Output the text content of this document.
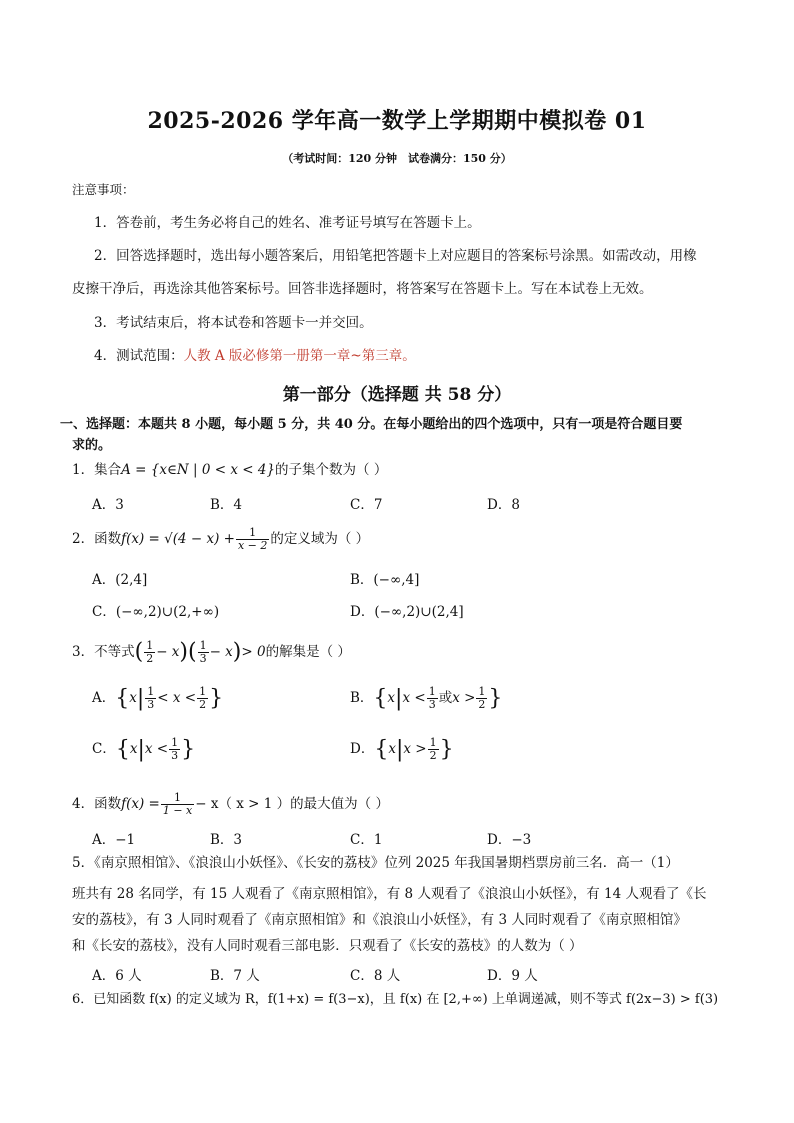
2025-2026 学年高一数学上学期期中模拟卷 01
（考试时间：120 分钟　试卷满分：150 分）
注意事项：
1．答卷前，考生务必将自己的姓名、准考证号填写在答题卡上。
2．回答选择题时，选出每小题答案后，用铅笔把答题卡上对应题目的答案标号涂黑。如需改动，用橡
皮擦干净后，再选涂其他答案标号。回答非选择题时，将答案写在答题卡上。写在本试卷上无效。
3．考试结束后，将本试卷和答题卡一并交回。
4．测试范围：人教 A 版必修第一册第一章~第三章。
第一部分（选择题 共 58 分）
一、选择题：本题共 8 小题，每小题 5 分，共 40 分。在每小题给出的四个选项中，只有一项是符合题目要
求的。
1．集合A = {x∈N | 0 < x < 4}的子集个数为（ ）
A．3	B．4	C．7	D．8
2．函数$f(x) = √(4 - x) + \frac{1}{x - 2}$ 的定义域为（ ）
A．(2,4]	B．(−∞,4]
C．(−∞,2)∪(2,+∞)	D．(−∞,2)∪(2,4]
3．不等式( $\frac{1}{2} - x)( \frac{1}{3} - x)> 0$的解集是（ ）
A．{$x| \frac{1}{3} < x < \frac{1}{2}$ }	B．{$x|x < \frac{1}{3}$ 或$x > \frac{1}{2}$ }
C．{$x|x < \frac{1}{3}$ }	D．{$x|x > \frac{1}{2}$ }
4．函数$f(x) = \frac{1}{1 - x} - x$（ x > 1 ）的最大值为（ ）
A．−1	B．3	C．1	D．−3
5．《南京照相馆》、《浪浪山小妖怪》、《长安的荔枝》位列 2025 年我国暑期档票房前三名．高一（1）
班共有 28 名同学，有 15 人观看了《南京照相馆》，有 8 人观看了《浪浪山小妖怪》，有 14 人观看了《长
安的荔枝》，有 3 人同时观看了《南京照相馆》和《浪浪山小妖怪》，有 3 人同时观看了《南京照相馆》
和《长安的荔枝》，没有人同时观看三部电影．只观看了《长安的荔枝》的人数为（ ）
A．6 人	B．7 人	C．8 人	D．9 人
6．已知函数 f(x) 的定义域为 R，f(1+x) = f(3−x)，且 f(x) 在 [2,+∞) 上单调递减，则不等式 f(2x−3) > f(3)
